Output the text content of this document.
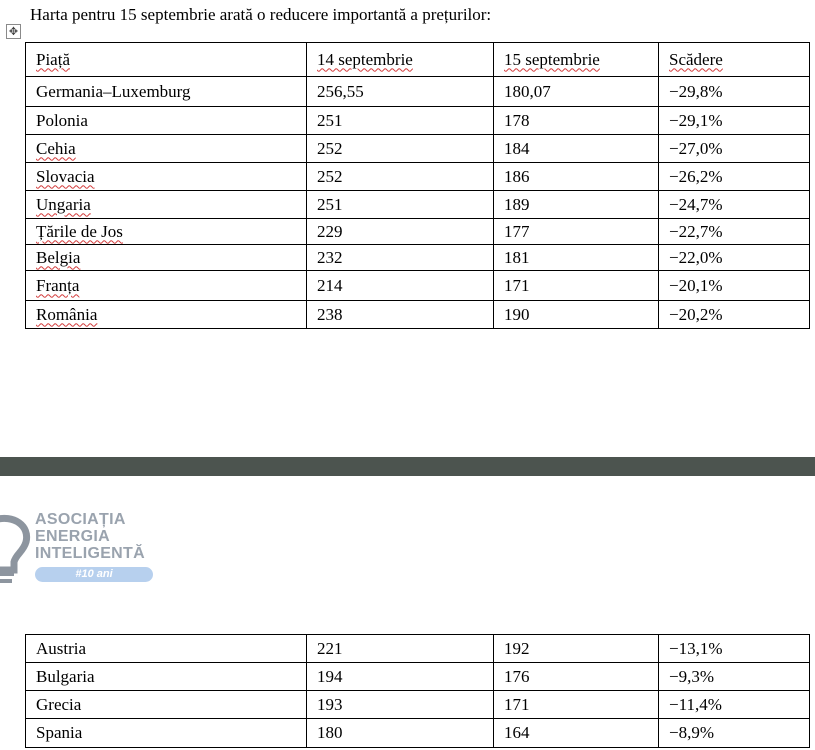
Harta pentru 15 septembrie arată o reducere importantă a prețurilor:
✥
Piață	14 septembrie	15 septembrie	Scădere
Germania–Luxemburg	256,55	180,07	−29,8%
Polonia	251	178	−29,1%
Cehia	252	184	−27,0%
Slovacia	252	186	−26,2%
Ungaria	251	189	−24,7%
Țările de Jos	229	177	−22,7%
Belgia	232	181	−22,0%
Franța	214	171	−20,1%
România	238	190	−20,2%
ASOCIAȚIA
ENERGIA
INTELIGENTĂ
#10 ani
Austria	221	192	−13,1%
Bulgaria	194	176	−9,3%
Grecia	193	171	−11,4%
Spania	180	164	−8,9%
